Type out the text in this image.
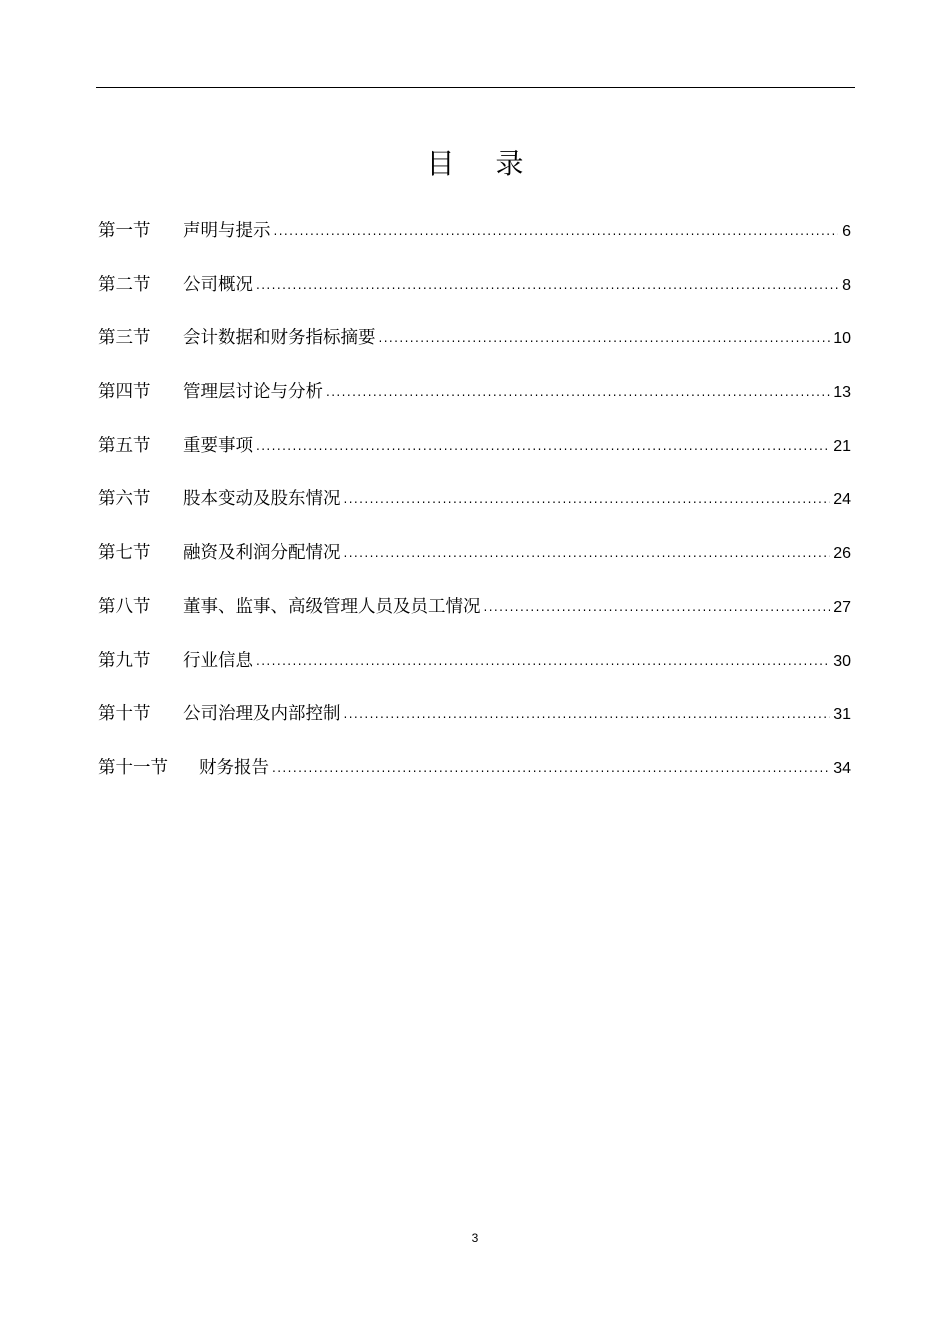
目 录
第一节	声明与提示 .....	6
第二节	公司概况 .....	8
第三节	会计数据和财务指标摘要 .....	10
第四节	管理层讨论与分析 .....	13
第五节	重要事项 .....	21
第六节	股本变动及股东情况 .....	24
第七节	融资及利润分配情况 .....	26
第八节	董事、监事、高级管理人员及员工情况 .....	27
第九节	行业信息 .....	30
第十节	公司治理及内部控制 .....	31
第十一节	财务报告 .....	34
3
